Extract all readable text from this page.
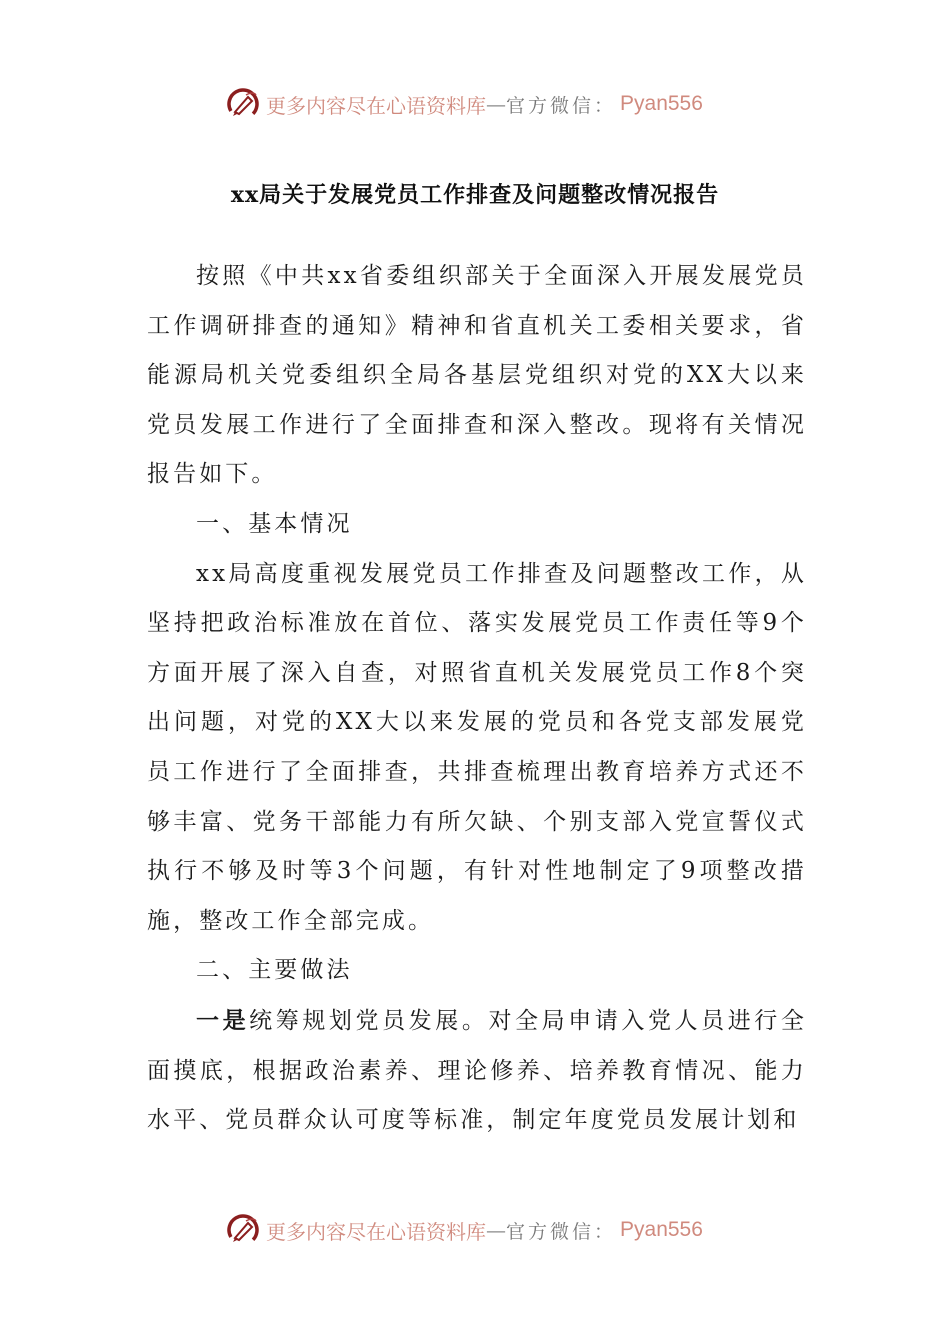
更多内容尽在心语资料库 — 官方微信： Pyan556
xx局关于发展党员工作排查及问题整改情况报告

按照《中共xx省委组织部关于全面深入开展发展党员工作调研排查的通知》精神和省直机关工委相关要求，省能源局机关党委组织全局各基层党组织对党的XX大以来党员发展工作进行了全面排查和深入整改。现将有关情况报告如下。

一、基本情况

xx局高度重视发展党员工作排查及问题整改工作，从坚持把政治标准放在首位、落实发展党员工作责任等9个方面开展了深入自查，对照省直机关发展党员工作8个突出问题，对党的XX大以来发展的党员和各党支部发展党员工作进行了全面排查，共排查梳理出教育培养方式还不够丰富、党务干部能力有所欠缺、个别支部入党宣誓仪式执行不够及时等3个问题，有针对性地制定了9项整改措施，整改工作全部完成。

二、主要做法

一是统筹规划党员发展。对全局申请入党人员进行全面摸底，根据政治素养、理论修养、培养教育情况、能力水平、党员群众认可度等标准，制定年度党员发展计划和

更多内容尽在心语资料库 — 官方微信： Pyan556
